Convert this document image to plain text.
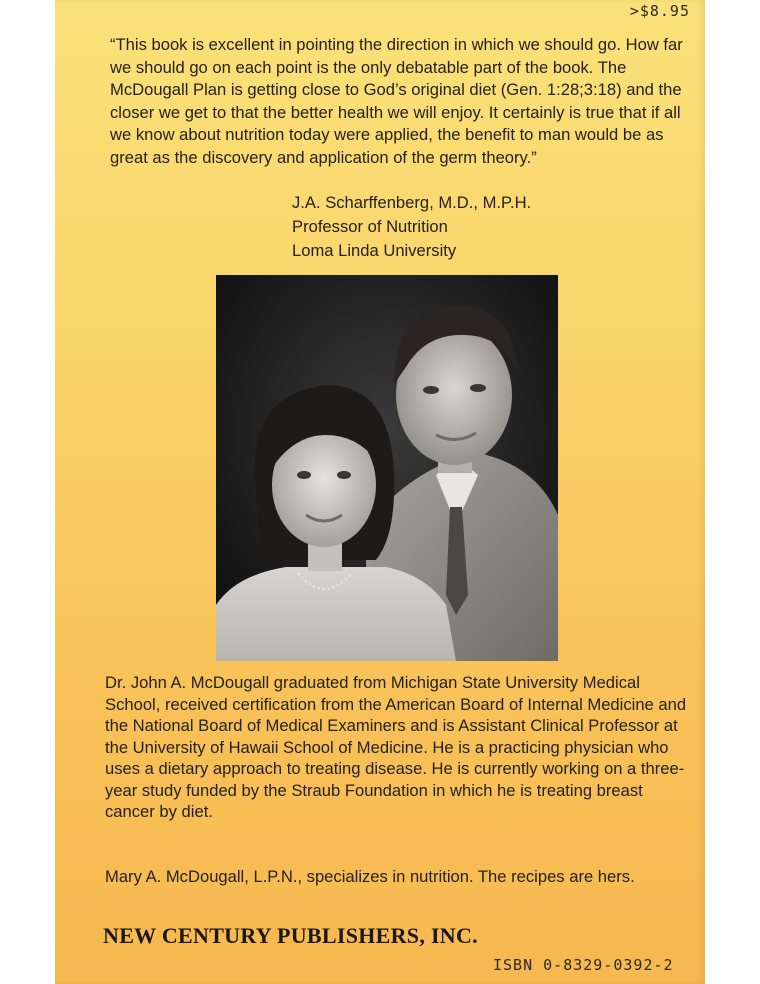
>$8.95

“This book is excellent in pointing the direction in which we should go. How far we should go on each point is the only debatable part of the book. The McDougall Plan is getting close to God’s original diet (Gen. 1:28;3:18) and the closer we get to that the better health we will enjoy. It certainly is true that if all we know about nutrition today were applied, the benefit to man would be as great as the discovery and application of the germ theory.”

J.A. Scharffenberg, M.D., M.P.H.
Professor of Nutrition
Loma Linda University

Dr. John A. McDougall graduated from Michigan State University Medical School, received certification from the American Board of Internal Medicine and the National Board of Medical Examiners and is Assistant Clinical Professor at the University of Hawaii School of Medicine. He is a practicing physician who uses a dietary approach to treating disease. He is currently working on a three-year study funded by the Straub Foundation in which he is treating breast cancer by diet.

Mary A. McDougall, L.P.N., specializes in nutrition. The recipes are hers.

NEW CENTURY PUBLISHERS, INC.
ISBN 0-8329-0392-2
